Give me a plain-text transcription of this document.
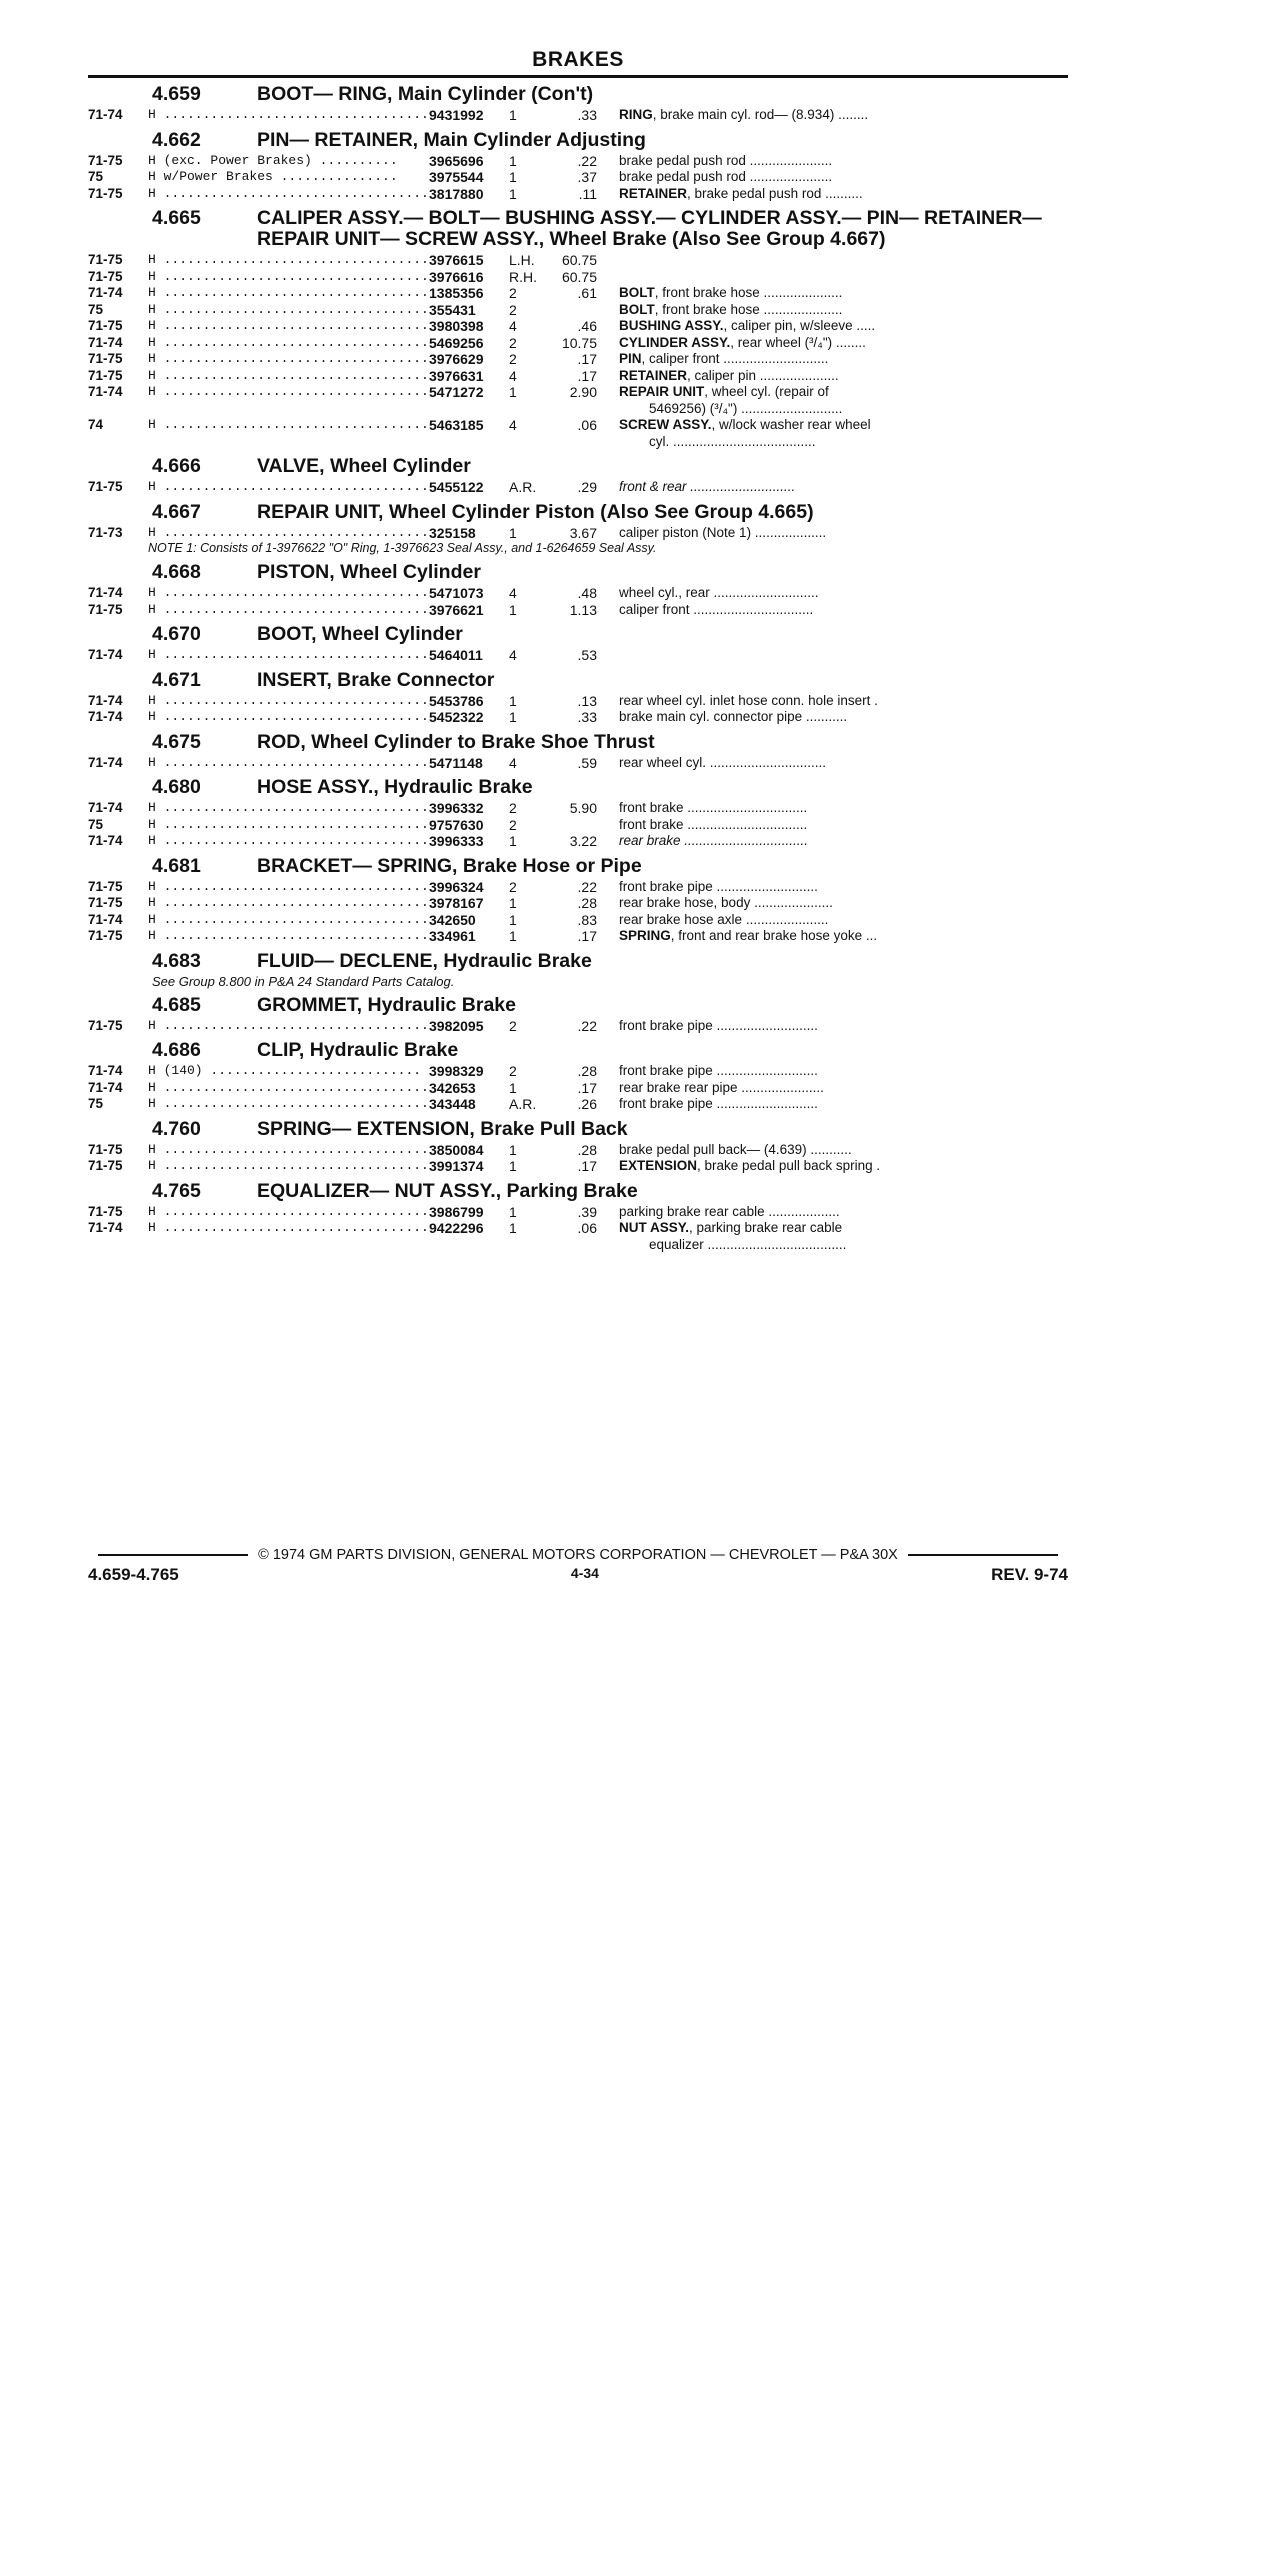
BRAKES
4.659	BOOT— RING, Main Cylinder (Con't)
71-74	H .................................. 9431992	1	.33	RING, brake main cyl. rod— (8.934) ........
4.662	PIN— RETAINER, Main Cylinder Adjusting
71-75	H (exc. Power Brakes) ..........	3965696	1	.22	brake pedal push rod ......................
75	H w/Power Brakes ...............	3975544	1	.37	brake pedal push rod ......................
71-75	H .................................. 3817880	1	.11	RETAINER, brake pedal push rod ..........
4.665	CALIPER ASSY.— BOLT— BUSHING ASSY.— CYLINDER ASSY.— PIN— RETAINER— REPAIR UNIT— SCREW ASSY., Wheel Brake (Also See Group 4.667)
71-75	H .................................. 3976615	L.H.	60.75
71-75	H .................................. 3976616	R.H.	60.75
71-74	H .................................. 1385356	2	.61	BOLT, front brake hose .....................
75	H .................................. 355431	2	BOLT, front brake hose .....................
71-75	H .................................. 3980398	4	.46	BUSHING ASSY., caliper pin, w/sleeve .....
71-74	H .................................. 5469256	2	10.75	CYLINDER ASSY., rear wheel (³/₄") ........
71-75	H .................................. 3976629	2	.17	PIN, caliper front ............................
71-75	H .................................. 3976631	4	.17	RETAINER, caliper pin .....................
71-74	H .................................. 5471272	1	2.90	REPAIR UNIT, wheel cyl. (repair of
5469256) (³/₄") ...........................
74	H .................................. 5463185	4	.06	SCREW ASSY., w/lock washer rear wheel
cyl. ......................................
4.666	VALVE, Wheel Cylinder
71-75	H .................................. 5455122	A.R.	.29	front & rear ............................
4.667	REPAIR UNIT, Wheel Cylinder Piston (Also See Group 4.665)
71-73	H .................................. 325158	1	3.67	caliper piston (Note 1) ...................
NOTE 1: Consists of 1-3976622 "O" Ring, 1-3976623 Seal Assy., and 1-6264659 Seal Assy.
4.668	PISTON, Wheel Cylinder
71-74	H .................................. 5471073	4	.48	wheel cyl., rear ............................
71-75	H .................................. 3976621	1	1.13	caliper front ................................
4.670	BOOT, Wheel Cylinder
71-74	H .................................. 5464011	4	.53
4.671	INSERT, Brake Connector
71-74	H .................................. 5453786	1	.13	rear wheel cyl. inlet hose conn. hole insert .
71-74	H .................................. 5452322	1	.33	brake main cyl. connector pipe ...........
4.675	ROD, Wheel Cylinder to Brake Shoe Thrust
71-74	H .................................. 5471148	4	.59	rear wheel cyl. ...............................
4.680	HOSE ASSY., Hydraulic Brake
71-74	H .................................. 3996332	2	5.90	front brake ................................
75	H .................................. 9757630	2	front brake ................................
71-74	H .................................. 3996333	1	3.22	rear brake .................................
4.681	BRACKET— SPRING, Brake Hose or Pipe
71-75	H .................................. 3996324	2	.22	front brake pipe ...........................
71-75	H .................................. 3978167	1	.28	rear brake hose, body .....................
71-74	H .................................. 342650	1	.83	rear brake hose axle ......................
71-75	H .................................. 334961	1	.17	SPRING, front and rear brake hose yoke ...
4.683	FLUID— DECLENE, Hydraulic Brake
See Group 8.800 in P&A 24 Standard Parts Catalog.
4.685	GROMMET, Hydraulic Brake
71-75	H .................................. 3982095	2	.22	front brake pipe ...........................
4.686	CLIP, Hydraulic Brake
71-74	H (140) ........................... 3998329	2	.28	front brake pipe ...........................
71-74	H .................................. 342653	1	.17	rear brake rear pipe ......................
75	H .................................. 343448	A.R.	.26	front brake pipe ...........................
4.760	SPRING— EXTENSION, Brake Pull Back
71-75	H .................................. 3850084	1	.28	brake pedal pull back— (4.639) ...........
71-75	H .................................. 3991374	1	.17	EXTENSION, brake pedal pull back spring .
4.765	EQUALIZER— NUT ASSY., Parking Brake
71-75	H .................................. 3986799	1	.39	parking brake rear cable ...................
71-74	H .................................. 9422296	1	.06	NUT ASSY., parking brake rear cable
equalizer .....................................
© 1974 GM PARTS DIVISION, GENERAL MOTORS CORPORATION — CHEVROLET — P&A 30X
4.659-4.765	4-34	REV. 9-74
